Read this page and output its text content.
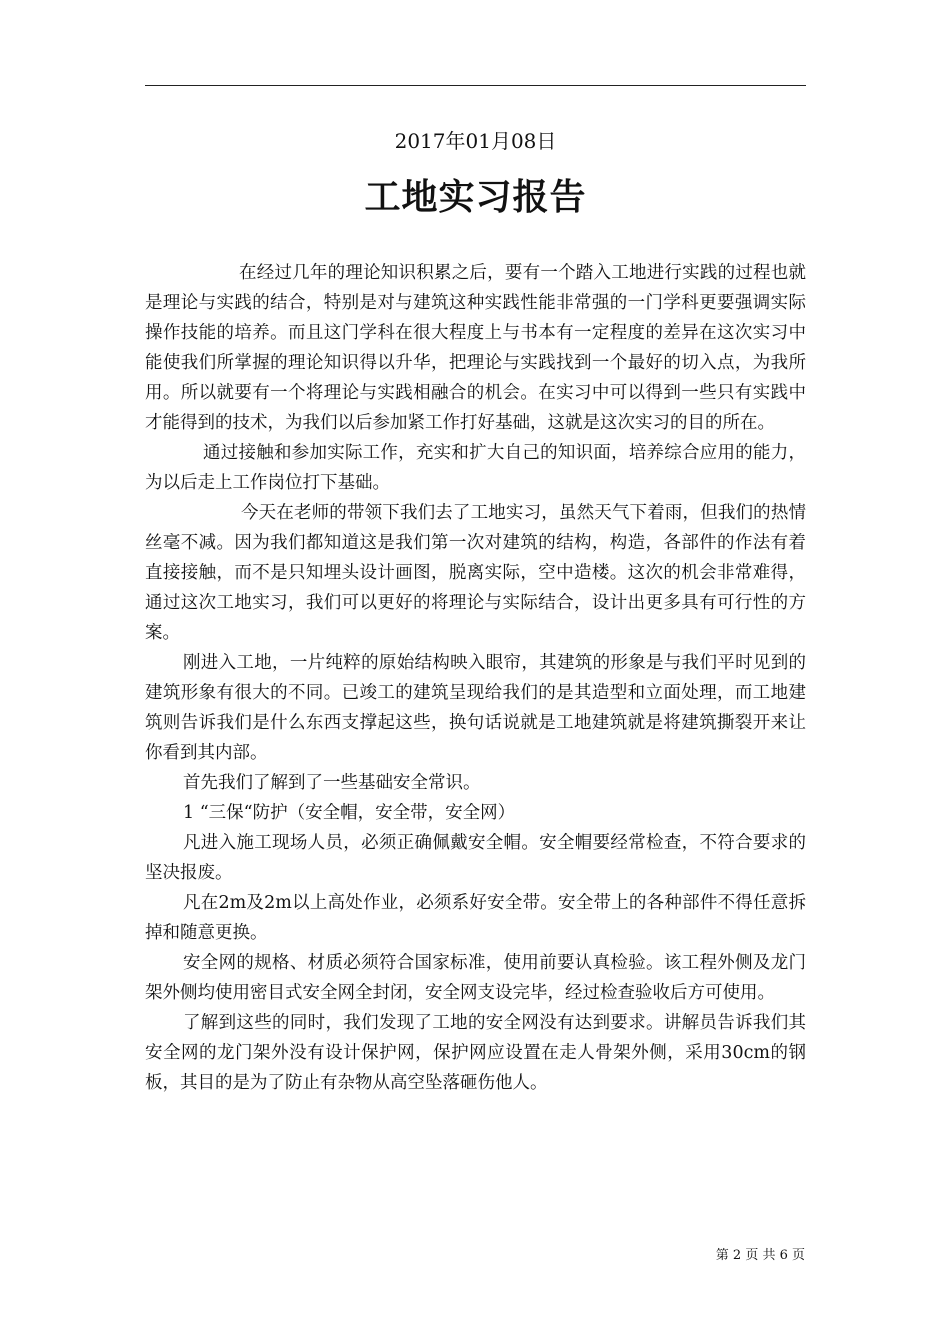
2017年01月08日
工地实习报告

在经过几年的理论知识积累之后，要有一个踏入工地进行实践的过程也就是理论与实践的结合，特别是对与建筑这种实践性能非常强的一门学科更要强调实际操作技能的培养。而且这门学科在很大程度上与书本有一定程度的差异在这次实习中能使我们所掌握的理论知识得以升华，把理论与实践找到一个最好的切入点，为我所用。所以就要有一个将理论与实践相融合的机会。在实习中可以得到一些只有实践中才能得到的技术，为我们以后参加紧工作打好基础，这就是这次实习的目的所在。

通过接触和参加实际工作，充实和扩大自己的知识面，培养综合应用的能力，为以后走上工作岗位打下基础。

今天在老师的带领下我们去了工地实习，虽然天气下着雨，但我们的热情丝毫不减。因为我们都知道这是我们第一次对建筑的结构，构造，各部件的作法有着直接接触，而不是只知埋头设计画图，脱离实际，空中造楼。这次的机会非常难得，通过这次工地实习，我们可以更好的将理论与实际结合，设计出更多具有可行性的方案。

刚进入工地，一片纯粹的原始结构映入眼帘，其建筑的形象是与我们平时见到的建筑形象有很大的不同。已竣工的建筑呈现给我们的是其造型和立面处理，而工地建筑则告诉我们是什么东西支撑起这些，换句话说就是工地建筑就是将建筑撕裂开来让你看到其内部。

首先我们了解到了一些基础安全常识。

1 “三保“防护（安全帽，安全带，安全网）

凡进入施工现场人员，必须正确佩戴安全帽。安全帽要经常检查，不符合要求的坚决报废。

凡在2m及2m以上高处作业，必须系好安全带。安全带上的各种部件不得任意拆掉和随意更换。

安全网的规格、材质必须符合国家标准，使用前要认真检验。该工程外侧及龙门架外侧均使用密目式安全网全封闭，安全网支设完毕，经过检查验收后方可使用。

了解到这些的同时，我们发现了工地的安全网没有达到要求。讲解员告诉我们其安全网的龙门架外没有设计保护网，保护网应设置在走人骨架外侧，采用30cm的钢板，其目的是为了防止有杂物从高空坠落砸伤他人。

第 2 页 共 6 页
